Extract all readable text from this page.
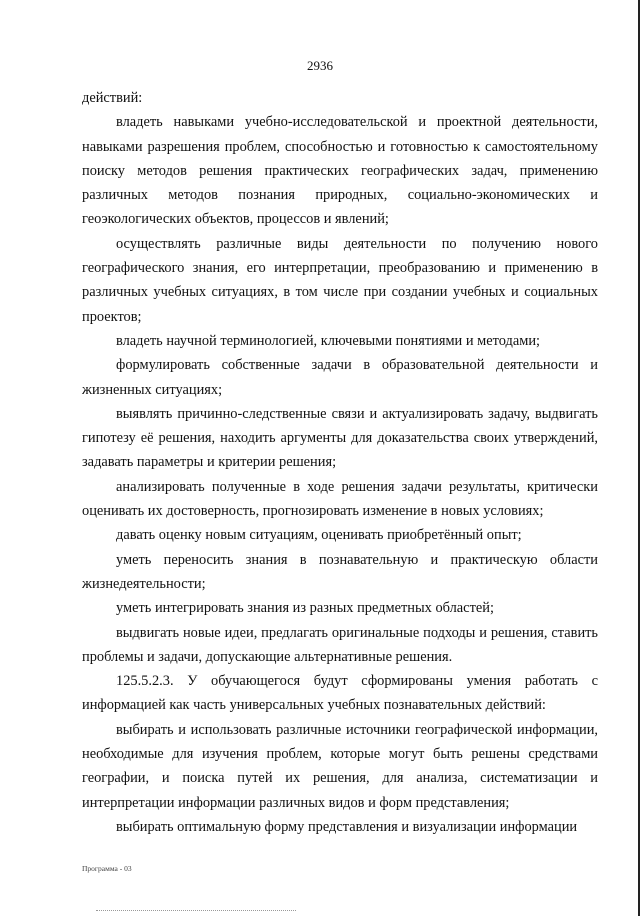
2936

действий:

владеть навыками учебно-исследовательской и проектной деятельности, навыками разрешения проблем, способностью и готовностью к самостоятельному поиску методов решения практических географических задач, применению различных методов познания природных, социально-экономических и геоэкологических объектов, процессов и явлений;

осуществлять различные виды деятельности по получению нового географического знания, его интерпретации, преобразованию и применению в различных учебных ситуациях, в том числе при создании учебных и социальных проектов;

владеть научной терминологией, ключевыми понятиями и методами;

формулировать собственные задачи в образовательной деятельности и жизненных ситуациях;

выявлять причинно-следственные связи и актуализировать задачу, выдвигать гипотезу её решения, находить аргументы для доказательства своих утверждений, задавать параметры и критерии решения;

анализировать полученные в ходе решения задачи результаты, критически оценивать их достоверность, прогнозировать изменение в новых условиях;

давать оценку новым ситуациям, оценивать приобретённый опыт;

уметь переносить знания в познавательную и практическую области жизнедеятельности;

уметь интегрировать знания из разных предметных областей;

выдвигать новые идеи, предлагать оригинальные подходы и решения, ставить проблемы и задачи, допускающие альтернативные решения.

125.5.2.3. У обучающегося будут сформированы умения работать с информацией как часть универсальных учебных познавательных действий:

выбирать и использовать различные источники географической информации, необходимые для изучения проблем, которые могут быть решены средствами географии, и поиска путей их решения, для анализа, систематизации и интерпретации информации различных видов и форм представления;

выбирать оптимальную форму представления и визуализации информации

Программа - 03
